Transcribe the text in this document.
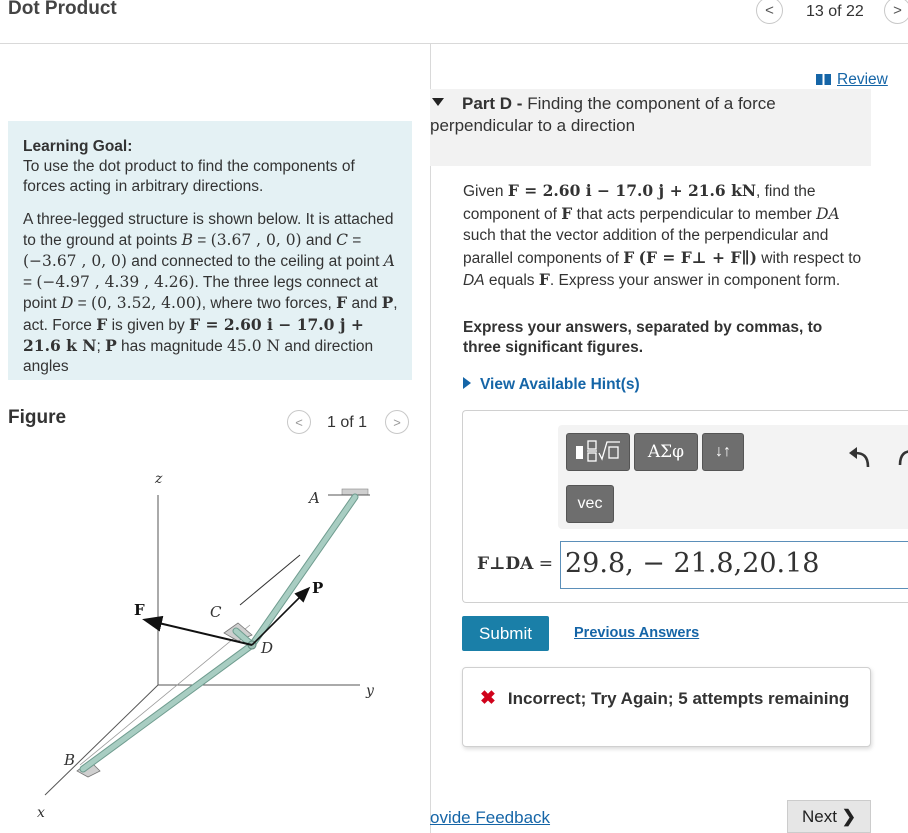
Dot Product	< 13 of 22 >

Learning Goal:

To use the dot product to find the components of forces acting in arbitrary directions.

A three-legged structure is shown below. It is attached to the ground at points B = (3.67 , 0, 0) and C = (−3.67 , 0, 0) and connected to the ceiling at point A = (−4.97 , 4.39 , 4.26). The three legs connect at point D = (0, 3.52, 4.00), where two forces, F and P, act. Force F is given by F = 2.60 i − 17.0 j + 21.6 k N; P has magnitude 45.0 N and direction angles

Figure	< 1 of 1 >
z
y
x
A
B
C
D
F
P
Review
Part D - Finding the component of a force perpendicular to a direction
Given F = 2.60 i − 17.0 j + 21.6 kN, find the component of F that acts perpendicular to member DA such that the vector addition of the perpendicular and parallel components of F (F = F⊥ + F∥) with respect to DA equals F. Express your answer in component form.
Express your answers, separated by commas, to three significant figures.
View Available Hint(s)
ΑΣφ	↓↑
vec
F⊥DA = 29.8, − 21.8,20.18
Submit	Previous Answers
✖ Incorrect; Try Again; 5 attempts remaining
ovide Feedback	Next
❯
